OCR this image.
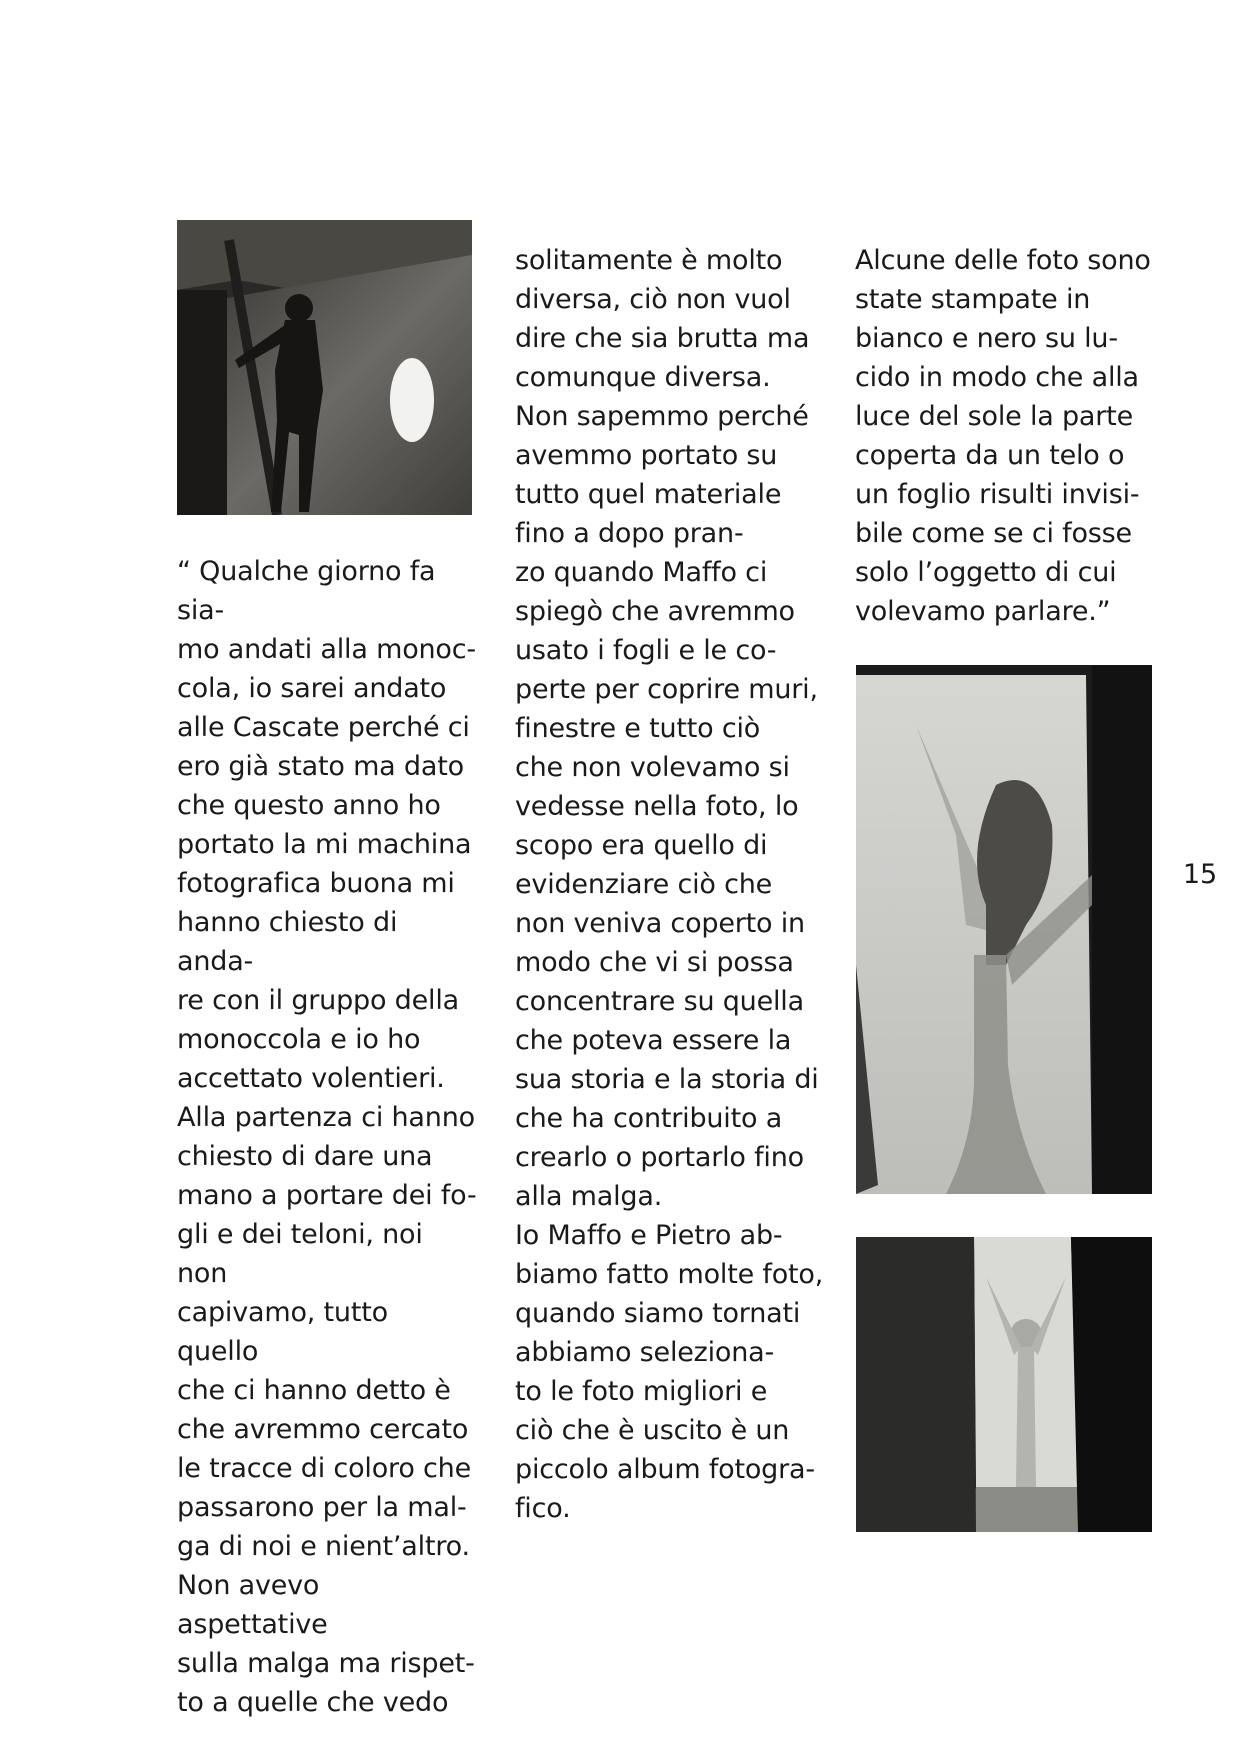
“ Qualche giorno fa sia-
mo andati alla monoc-
cola, io sarei andato
alle Cascate perché ci
ero già stato ma dato
che questo anno ho
portato la mi machina
fotografica buona mi
hanno chiesto di anda-
re con il gruppo della
monoccola e io ho
accettato volentieri.
Alla partenza ci hanno
chiesto di dare una
mano a portare dei fo-
gli e dei teloni, noi non
capivamo, tutto quello
che ci hanno detto è
che avremmo cercato
le tracce di coloro che
passarono per la mal-
ga di noi e nient’altro.
Non avevo aspettative
sulla malga ma rispet-
to a quelle che vedo

solitamente è molto
diversa, ciò non vuol
dire che sia brutta ma
comunque diversa.
Non sapemmo perché
avemmo portato su
tutto quel materiale
fino a dopo pran-
zo quando Maffo ci
spiegò che avremmo
usato i fogli e le co-
perte per coprire muri,
finestre e tutto ciò
che non volevamo si
vedesse nella foto, lo
scopo era quello di
evidenziare ciò che
non veniva coperto in
modo che vi si possa
concentrare su quella
che poteva essere la
sua storia e la storia di
che ha contribuito a
crearlo o portarlo fino
alla malga.
Io Maffo e Pietro ab-
biamo fatto molte foto,
quando siamo tornati
abbiamo seleziona-
to le foto migliori e
ciò che è uscito è un
piccolo album fotogra-
fico.

Alcune delle foto sono
state stampate in
bianco e nero su lu-
cido in modo che alla
luce del sole la parte
coperta da un telo o
un foglio risulti invisi-
bile come se ci fosse
solo l’oggetto di cui
volevamo parlare.”

15
